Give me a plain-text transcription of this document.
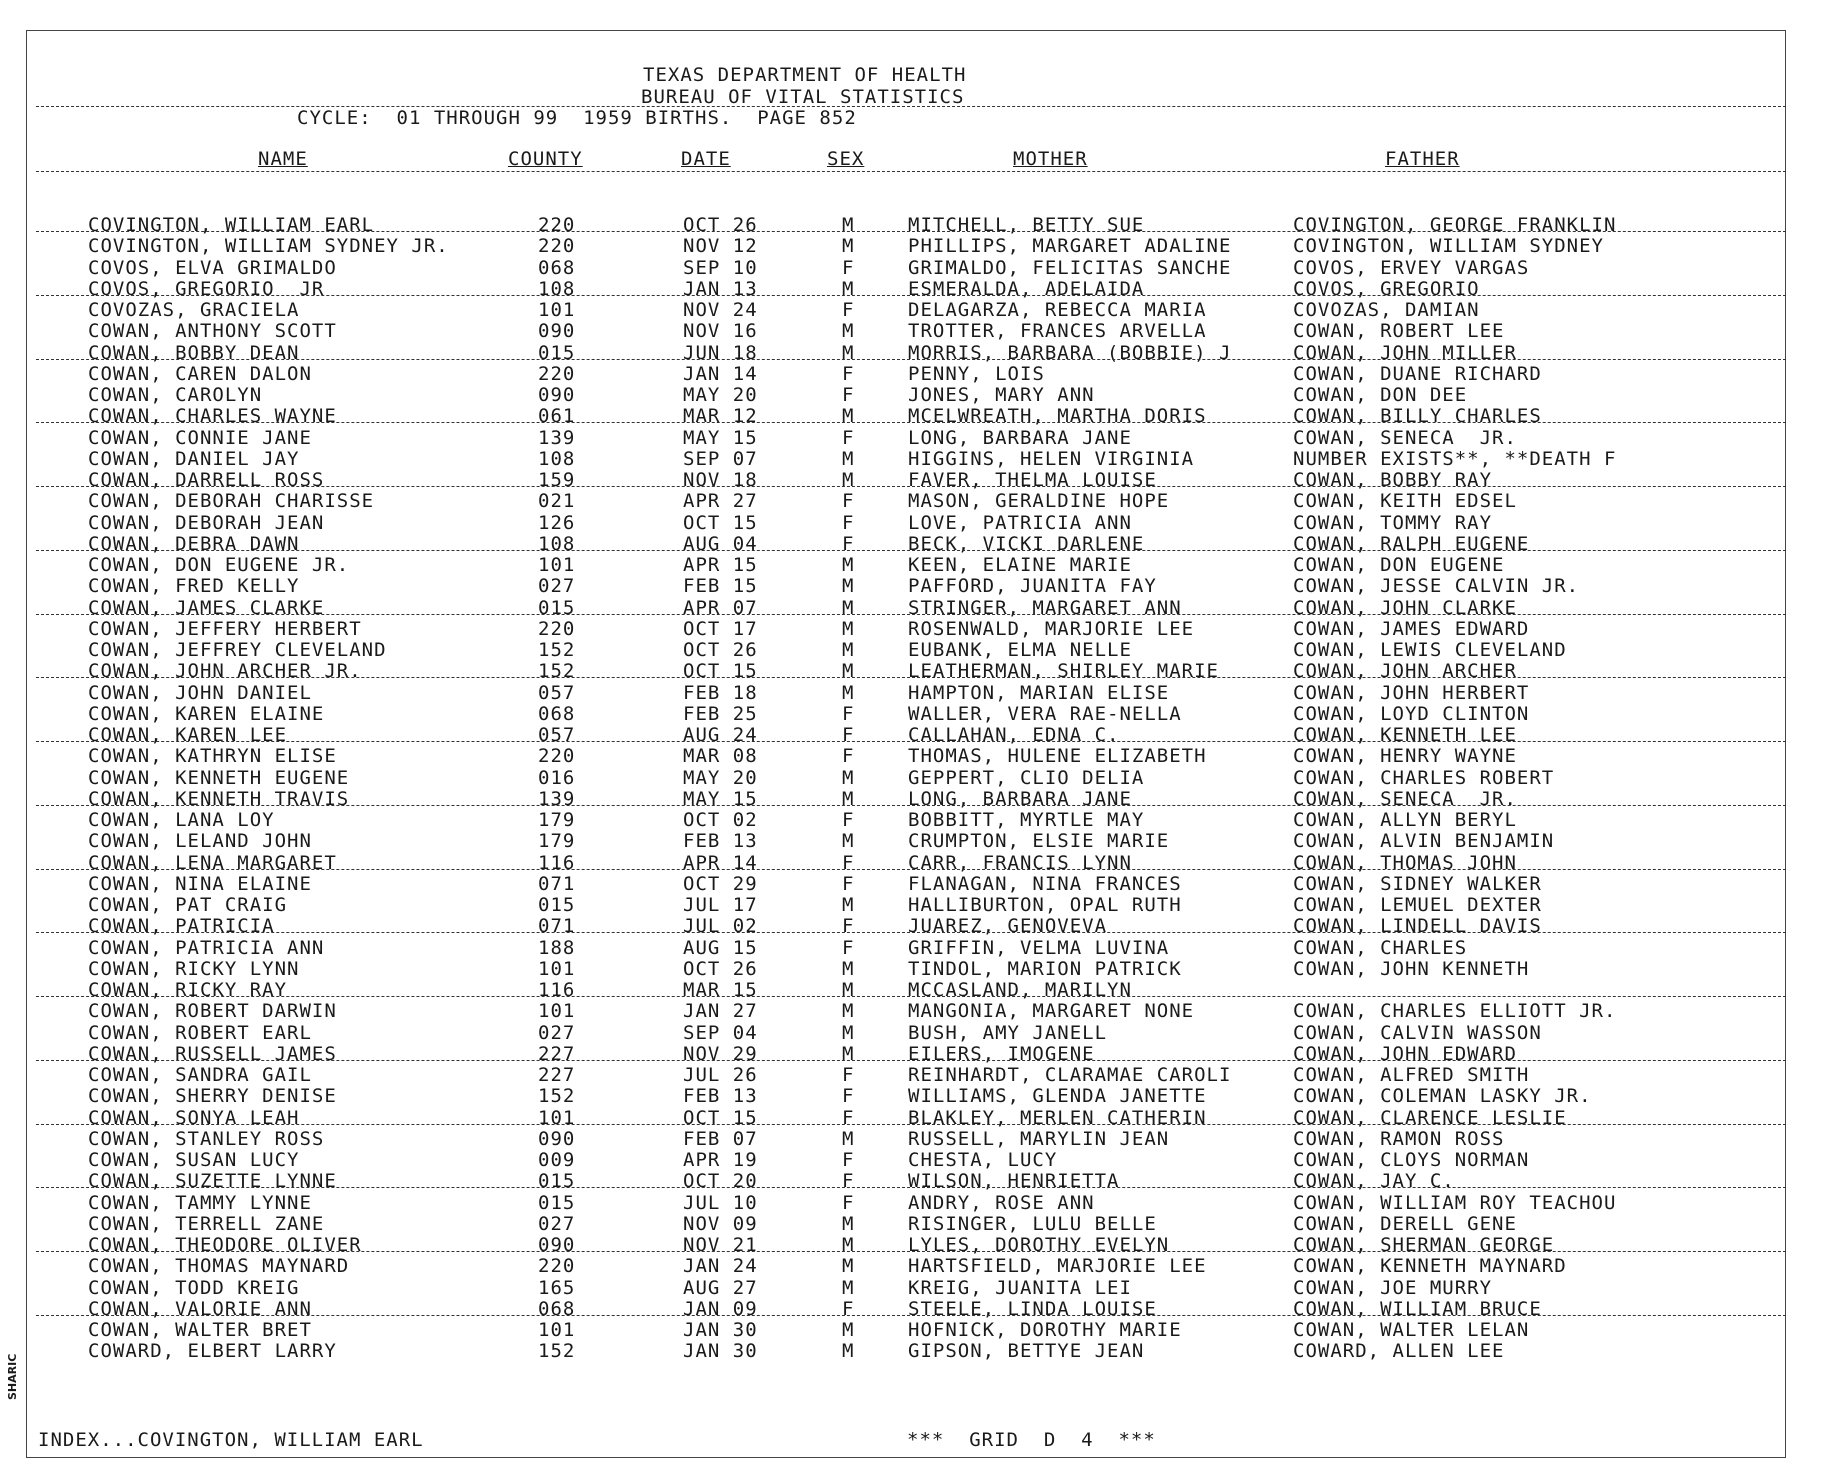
TEXAS DEPARTMENT OF HEALTH
BUREAU OF VITAL STATISTICS
CYCLE:  01 THROUGH 99  1959 BIRTHS.  PAGE 852
NAME	COUNTY	DATE	SEX	MOTHER	FATHER
COVINGTON, WILLIAM EARL	220	OCT 26	M	MITCHELL, BETTY SUE	COVINGTON, GEORGE FRANKLIN
COVINGTON, WILLIAM SYDNEY JR.	220	NOV 12	M	PHILLIPS, MARGARET ADALINE	COVINGTON, WILLIAM SYDNEY
COVOS, ELVA GRIMALDO	068	SEP 10	F	GRIMALDO, FELICITAS SANCHE	COVOS, ERVEY VARGAS
COVOS, GREGORIO  JR	108	JAN 13	M	ESMERALDA, ADELAIDA	COVOS, GREGORIO
COVOZAS, GRACIELA	101	NOV 24	F	DELAGARZA, REBECCA MARIA	COVOZAS, DAMIAN
COWAN, ANTHONY SCOTT	090	NOV 16	M	TROTTER, FRANCES ARVELLA	COWAN, ROBERT LEE
COWAN, BOBBY DEAN	015	JUN 18	M	MORRIS, BARBARA (BOBBIE) J	COWAN, JOHN MILLER
COWAN, CAREN DALON	220	JAN 14	F	PENNY, LOIS	COWAN, DUANE RICHARD
COWAN, CAROLYN	090	MAY 20	F	JONES, MARY ANN	COWAN, DON DEE
COWAN, CHARLES WAYNE	061	MAR 12	M	MCELWREATH, MARTHA DORIS	COWAN, BILLY CHARLES
COWAN, CONNIE JANE	139	MAY 15	F	LONG, BARBARA JANE	COWAN, SENECA  JR.
COWAN, DANIEL JAY	108	SEP 07	M	HIGGINS, HELEN VIRGINIA	NUMBER EXISTS**, **DEATH F
COWAN, DARRELL ROSS	159	NOV 18	M	FAVER, THELMA LOUISE	COWAN, BOBBY RAY
COWAN, DEBORAH CHARISSE	021	APR 27	F	MASON, GERALDINE HOPE	COWAN, KEITH EDSEL
COWAN, DEBORAH JEAN	126	OCT 15	F	LOVE, PATRICIA ANN	COWAN, TOMMY RAY
COWAN, DEBRA DAWN	108	AUG 04	F	BECK, VICKI DARLENE	COWAN, RALPH EUGENE
COWAN, DON EUGENE JR.	101	APR 15	M	KEEN, ELAINE MARIE	COWAN, DON EUGENE
COWAN, FRED KELLY	027	FEB 15	M	PAFFORD, JUANITA FAY	COWAN, JESSE CALVIN JR.
COWAN, JAMES CLARKE	015	APR 07	M	STRINGER, MARGARET ANN	COWAN, JOHN CLARKE
COWAN, JEFFERY HERBERT	220	OCT 17	M	ROSENWALD, MARJORIE LEE	COWAN, JAMES EDWARD
COWAN, JEFFREY CLEVELAND	152	OCT 26	M	EUBANK, ELMA NELLE	COWAN, LEWIS CLEVELAND
COWAN, JOHN ARCHER JR.	152	OCT 15	M	LEATHERMAN, SHIRLEY MARIE	COWAN, JOHN ARCHER
COWAN, JOHN DANIEL	057	FEB 18	M	HAMPTON, MARIAN ELISE	COWAN, JOHN HERBERT
COWAN, KAREN ELAINE	068	FEB 25	F	WALLER, VERA RAE-NELLA	COWAN, LOYD CLINTON
COWAN, KAREN LEE	057	AUG 24	F	CALLAHAN, EDNA C.	COWAN, KENNETH LEE
COWAN, KATHRYN ELISE	220	MAR 08	F	THOMAS, HULENE ELIZABETH	COWAN, HENRY WAYNE
COWAN, KENNETH EUGENE	016	MAY 20	M	GEPPERT, CLIO DELIA	COWAN, CHARLES ROBERT
COWAN, KENNETH TRAVIS	139	MAY 15	M	LONG, BARBARA JANE	COWAN, SENECA  JR.
COWAN, LANA LOY	179	OCT 02	F	BOBBITT, MYRTLE MAY	COWAN, ALLYN BERYL
COWAN, LELAND JOHN	179	FEB 13	M	CRUMPTON, ELSIE MARIE	COWAN, ALVIN BENJAMIN
COWAN, LENA MARGARET	116	APR 14	F	CARR, FRANCIS LYNN	COWAN, THOMAS JOHN
COWAN, NINA ELAINE	071	OCT 29	F	FLANAGAN, NINA FRANCES	COWAN, SIDNEY WALKER
COWAN, PAT CRAIG	015	JUL 17	M	HALLIBURTON, OPAL RUTH	COWAN, LEMUEL DEXTER
COWAN, PATRICIA	071	JUL 02	F	JUAREZ, GENOVEVA	COWAN, LINDELL DAVIS
COWAN, PATRICIA ANN	188	AUG 15	F	GRIFFIN, VELMA LUVINA	COWAN, CHARLES
COWAN, RICKY LYNN	101	OCT 26	M	TINDOL, MARION PATRICK	COWAN, JOHN KENNETH
COWAN, RICKY RAY	116	MAR 15	M	MCCASLAND, MARILYN
COWAN, ROBERT DARWIN	101	JAN 27	M	MANGONIA, MARGARET NONE	COWAN, CHARLES ELLIOTT JR.
COWAN, ROBERT EARL	027	SEP 04	M	BUSH, AMY JANELL	COWAN, CALVIN WASSON
COWAN, RUSSELL JAMES	227	NOV 29	M	EILERS, IMOGENE	COWAN, JOHN EDWARD
COWAN, SANDRA GAIL	227	JUL 26	F	REINHARDT, CLARAMAE CAROLI	COWAN, ALFRED SMITH
COWAN, SHERRY DENISE	152	FEB 13	F	WILLIAMS, GLENDA JANETTE	COWAN, COLEMAN LASKY JR.
COWAN, SONYA LEAH	101	OCT 15	F	BLAKLEY, MERLEN CATHERIN	COWAN, CLARENCE LESLIE
COWAN, STANLEY ROSS	090	FEB 07	M	RUSSELL, MARYLIN JEAN	COWAN, RAMON ROSS
COWAN, SUSAN LUCY	009	APR 19	F	CHESTA, LUCY	COWAN, CLOYS NORMAN
COWAN, SUZETTE LYNNE	015	OCT 20	F	WILSON, HENRIETTA	COWAN, JAY C.
COWAN, TAMMY LYNNE	015	JUL 10	F	ANDRY, ROSE ANN	COWAN, WILLIAM ROY TEACHOU
COWAN, TERRELL ZANE	027	NOV 09	M	RISINGER, LULU BELLE	COWAN, DERELL GENE
COWAN, THEODORE OLIVER	090	NOV 21	M	LYLES, DOROTHY EVELYN	COWAN, SHERMAN GEORGE
COWAN, THOMAS MAYNARD	220	JAN 24	M	HARTSFIELD, MARJORIE LEE	COWAN, KENNETH MAYNARD
COWAN, TODD KREIG	165	AUG 27	M	KREIG, JUANITA LEI	COWAN, JOE MURRY
COWAN, VALORIE ANN	068	JAN 09	F	STEELE, LINDA LOUISE	COWAN, WILLIAM BRUCE
COWAN, WALTER BRET	101	JAN 30	M	HOFNICK, DOROTHY MARIE	COWAN, WALTER LELAN
COWARD, ELBERT LARRY	152	JAN 30	M	GIPSON, BETTYE JEAN	COWARD, ALLEN LEE
INDEX...COVINGTON, WILLIAM EARL	***  GRID  D  4  ***
SHARIC
